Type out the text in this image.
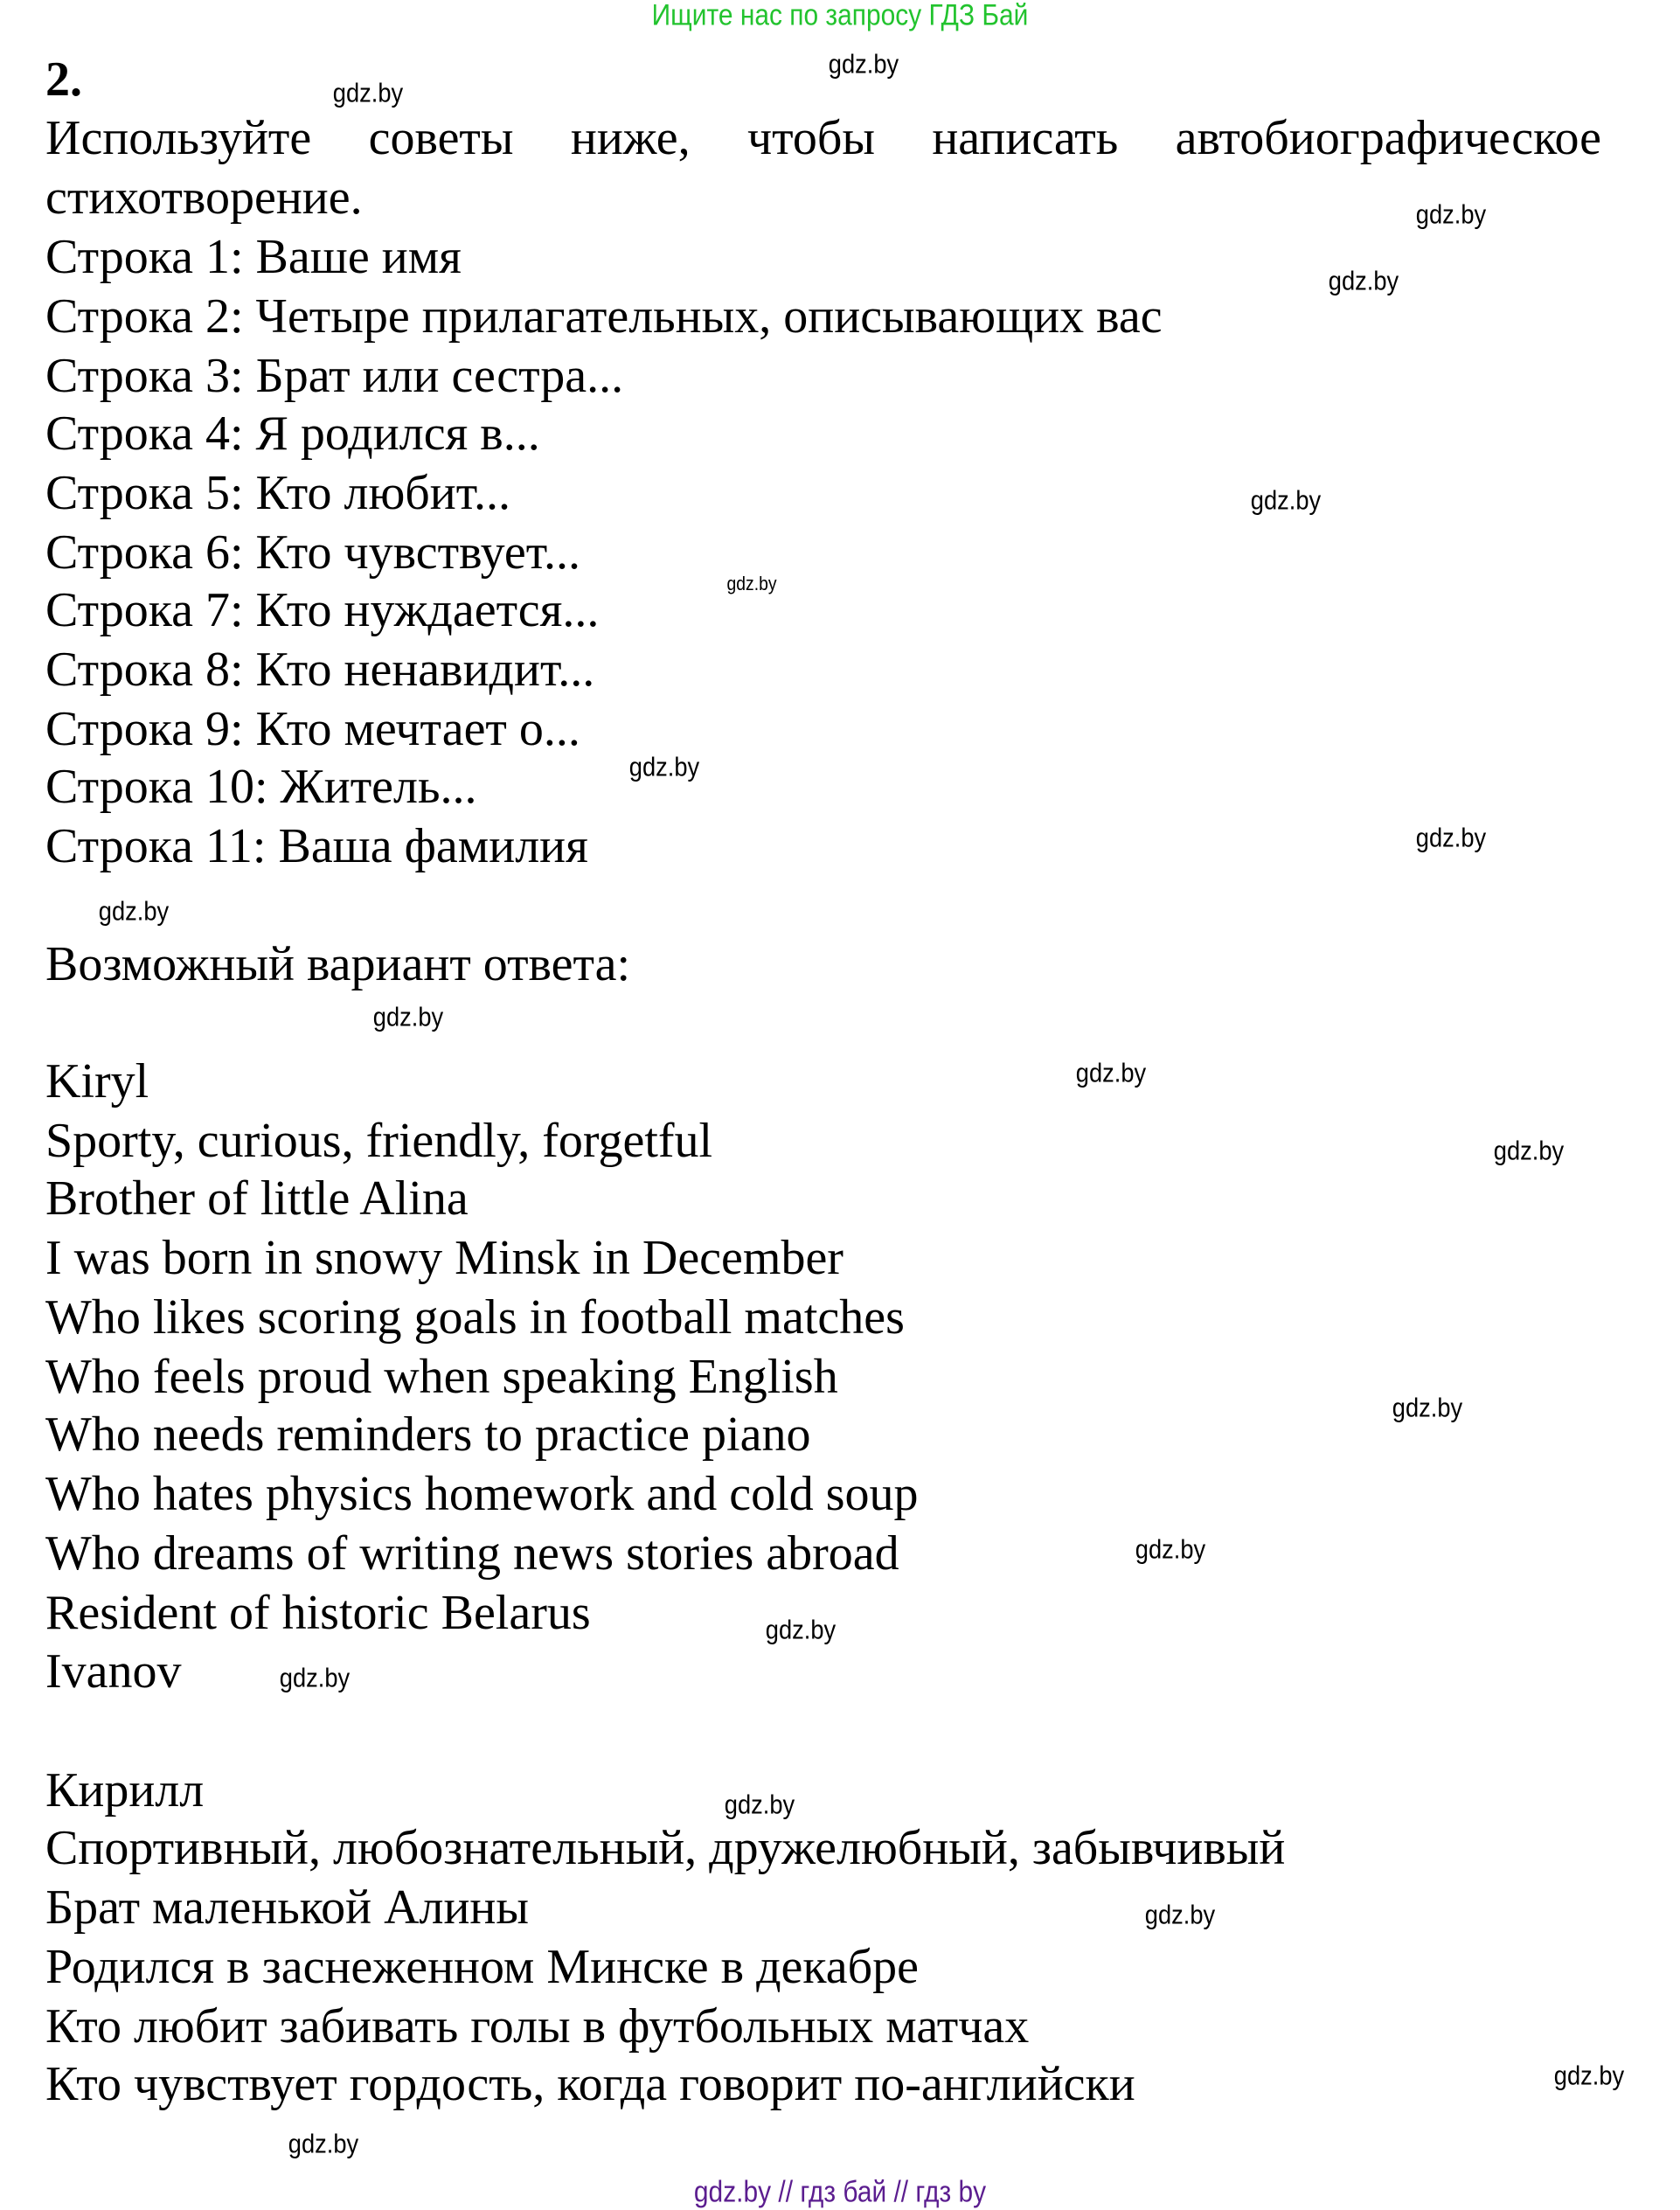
Ищите нас по запросу ГДЗ Бай
2.
Используйте советы ниже, чтобы написать автобиографическое
стихотворение.
Строка 1: Ваше имя
Строка 2: Четыре прилагательных, описывающих вас
Строка 3: Брат или сестра...
Строка 4: Я родился в...
Строка 5: Кто любит...
Строка 6: Кто чувствует...
Строка 7: Кто нуждается...
Строка 8: Кто ненавидит...
Строка 9: Кто мечтает о...
Строка 10: Житель...
Строка 11: Ваша фамилия
Возможный вариант ответа:
Kiryl
Sporty, curious, friendly, forgetful
Brother of little Alina
I was born in snowy Minsk in December
Who likes scoring goals in football matches
Who feels proud when speaking English
Who needs reminders to practice piano
Who hates physics homework and cold soup
Who dreams of writing news stories abroad
Resident of historic Belarus
Ivanov
Кирилл
Спортивный, любознательный, дружелюбный, забывчивый
Брат маленькой Алины
Родился в заснеженном Минске в декабре
Кто любит забивать голы в футбольных матчах
Кто чувствует гордость, когда говорит по-английски
gdz.by
gdz.by
gdz.by
gdz.by
gdz.by
gdz.by
gdz.by
gdz.by
gdz.by
gdz.by
gdz.by
gdz.by
gdz.by
gdz.by
gdz.by
gdz.by
gdz.by
gdz.by
gdz.by
gdz.by
gdz.by // гдз бай // гдз by
